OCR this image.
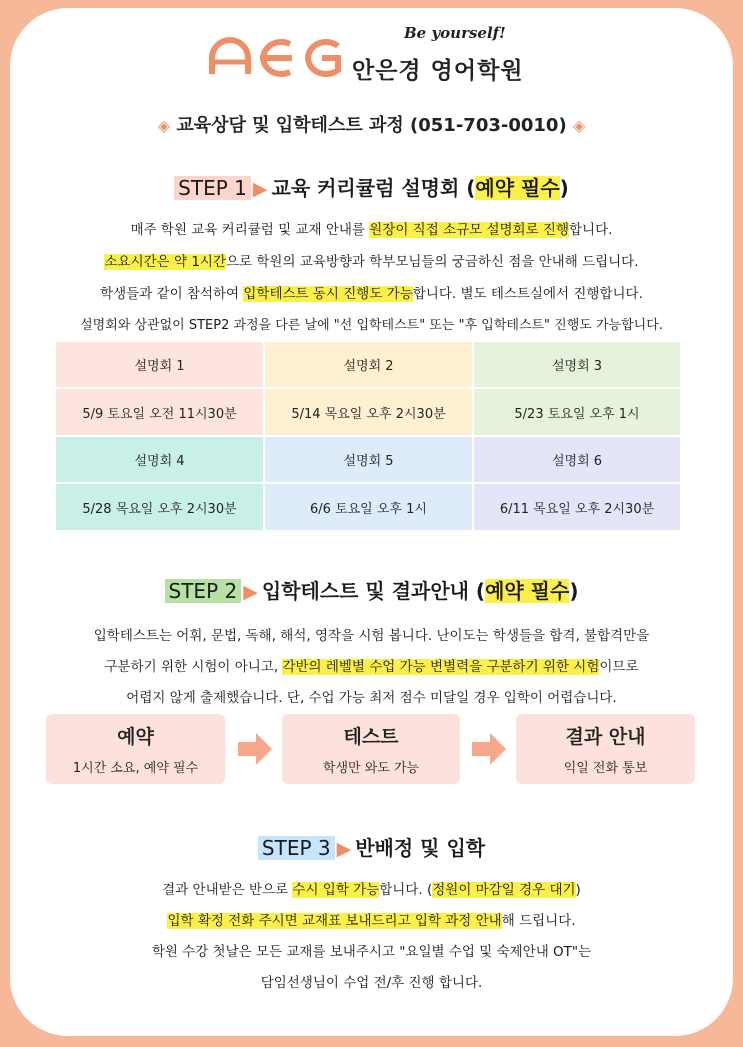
Be yourself!
안은경 영어학원
◈ 교육상담 및 입학테스트 과정 (051-703-0010) ◈
STEP 1 ▶ 교육 커리큘럼 설명회 (예약 필수)
매주 학원 교육 커리큘럼 및 교재 안내를 원장이 직접 소규모 설명회로 진행합니다.
소요시간은 약 1시간으로 학원의 교육방향과 학부모님들의 궁금하신 점을 안내해 드립니다.
학생들과 같이 참석하여 입학테스트 동시 진행도 가능합니다. 별도 테스트실에서 진행합니다.
설명회와 상관없이 STEP2 과정을 다른 날에 "선 입학테스트" 또는 "후 입학테스트" 진행도 가능합니다.
설명회 1	설명회 2	설명회 3
5/9 토요일 오전 11시30분	5/14 목요일 오후 2시30분	5/23 토요일 오후 1시
설명회 4	설명회 5	설명회 6
5/28 목요일 오후 2시30분	6/6 토요일 오후 1시	6/11 목요일 오후 2시30분
STEP 2 ▶ 입학테스트 및 결과안내 (예약 필수)
입학테스트는 어휘, 문법, 독해, 해석, 영작을 시험 봅니다. 난이도는 학생들을 합격, 불합격만을
구분하기 위한 시험이 아니고, 각반의 레벨별 수업 가능 변별력을 구분하기 위한 시험이므로
어렵지 않게 출제했습니다. 단, 수업 가능 최저 점수 미달일 경우 입학이 어렵습니다.
예약
1시간 소요, 예약 필수
테스트
학생만 와도 가능
결과 안내
익일 전화 통보
STEP 3 ▶ 반배정 및 입학
결과 안내받은 반으로 수시 입학 가능합니다. (정원이 마감일 경우 대기)
입학 확정 전화 주시면 교재표 보내드리고 입학 과정 안내해 드립니다.
학원 수강 첫날은 모든 교재를 보내주시고 "요일별 수업 및 숙제안내 OT"는
담임선생님이 수업 전/후 진행 합니다.
